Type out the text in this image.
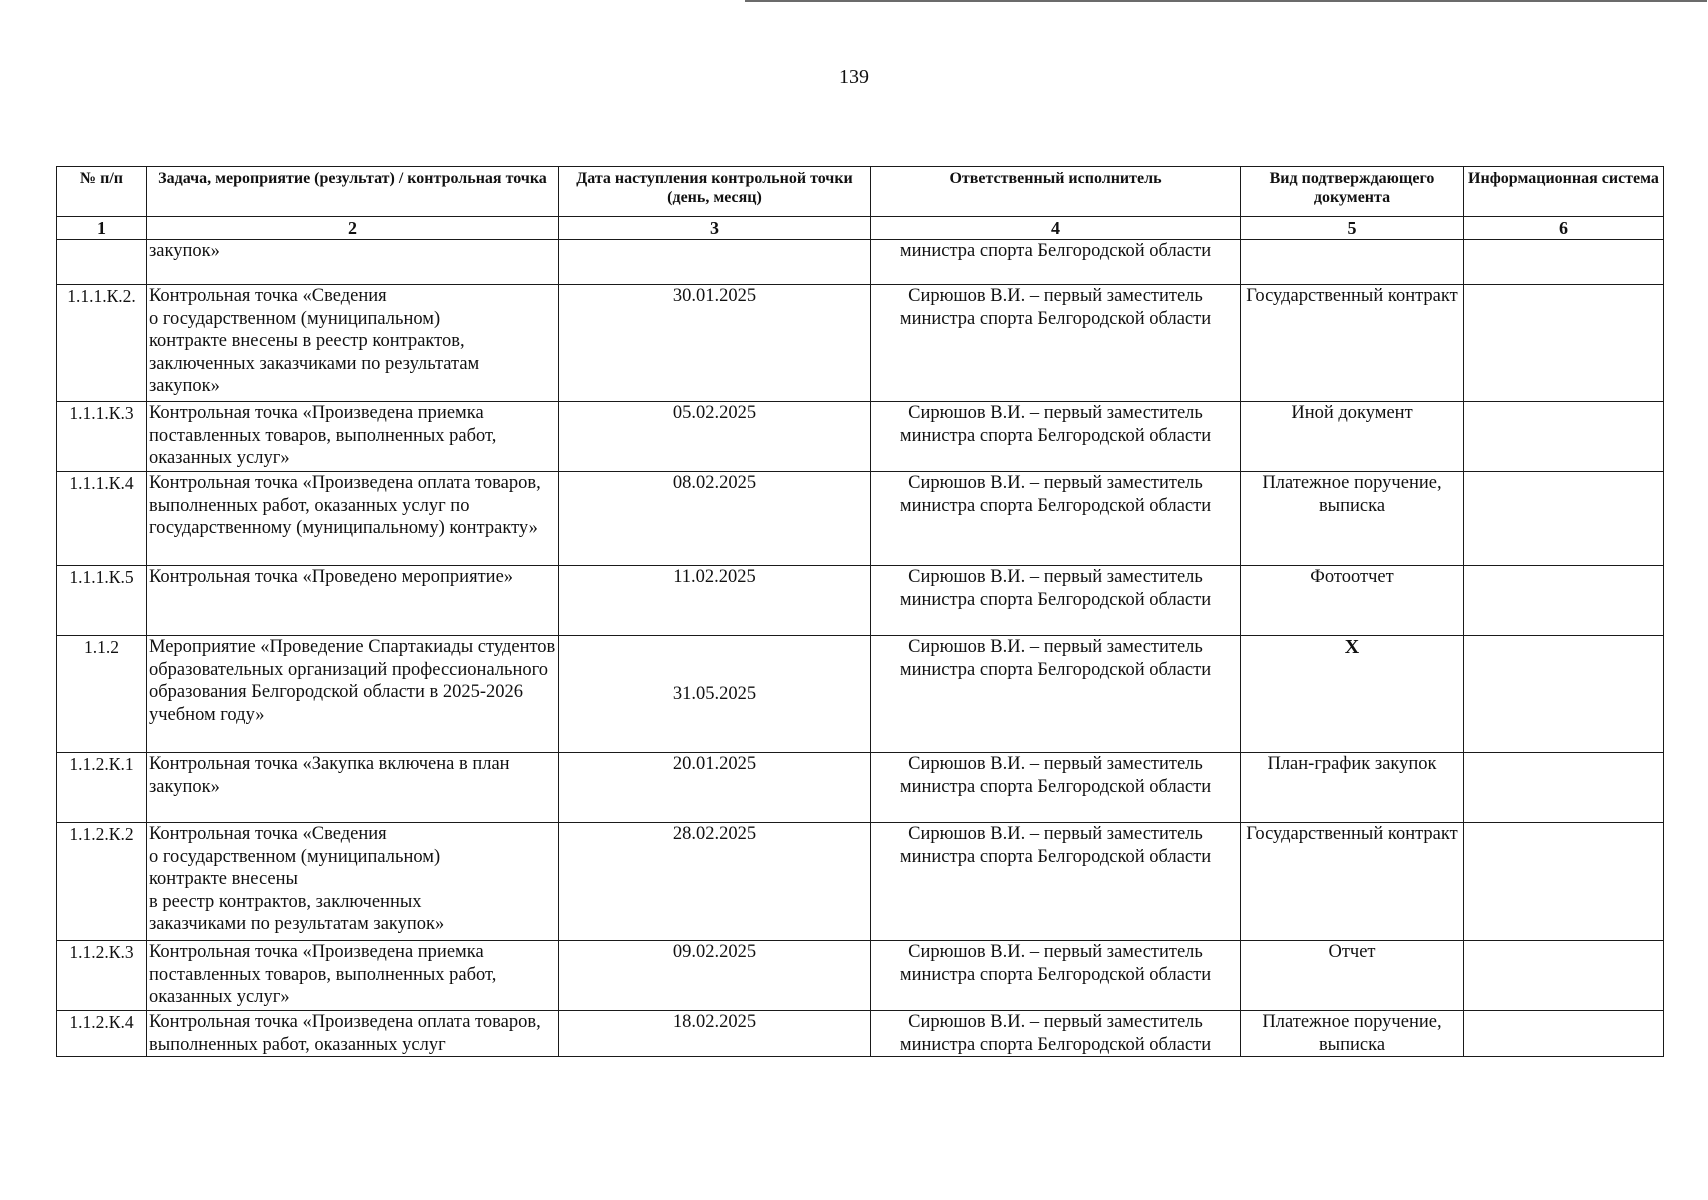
139
№ п/п	Задача, мероприятие (результат) / контрольная точка	Дата наступления контрольной точки (день, месяц)	Ответственный исполнитель	Вид подтверждающего документа	Информационная система
1	2	3	4	5	6
	закупок»		министра спорта Белгородской области		
1.1.1.К.2.	Контрольная точка «Сведения
о государственном (муниципальном)
контракте внесены в реестр контрактов,
заключенных заказчиками по результатам
закупок»	30.01.2025	Сирюшов В.И. – первый заместитель министра спорта Белгородской области	Государственный контракт	
1.1.1.К.3	Контрольная точка «Произведена приемка поставленных товаров, выполненных работ, оказанных услуг»	05.02.2025	Сирюшов В.И. – первый заместитель министра спорта Белгородской области	Иной документ	
1.1.1.К.4	Контрольная точка «Произведена оплата товаров, выполненных работ, оказанных услуг по государственному (муниципальному) контракту»	08.02.2025	Сирюшов В.И. – первый заместитель министра спорта Белгородской области	Платежное поручение, выписка	
1.1.1.К.5	Контрольная точка «Проведено мероприятие»	11.02.2025	Сирюшов В.И. – первый заместитель министра спорта Белгородской области	Фотоотчет	
1.1.2	Мероприятие «Проведение Спартакиады студентов образовательных организаций профессионального образования Белгородской области в 2025-2026 учебном году»	31.05.2025	Сирюшов В.И. – первый заместитель министра спорта Белгородской области	X	
1.1.2.К.1	Контрольная точка «Закупка включена в план закупок»	20.01.2025	Сирюшов В.И. – первый заместитель министра спорта Белгородской области	План-график закупок	
1.1.2.К.2	Контрольная точка «Сведения
о государственном (муниципальном)
контракте внесены
в реестр контрактов, заключенных
заказчиками по результатам закупок»	28.02.2025	Сирюшов В.И. – первый заместитель министра спорта Белгородской области	Государственный контракт	
1.1.2.К.3	Контрольная точка «Произведена приемка поставленных товаров, выполненных работ, оказанных услуг»	09.02.2025	Сирюшов В.И. – первый заместитель министра спорта Белгородской области	Отчет	
1.1.2.К.4	Контрольная точка «Произведена оплата товаров, выполненных работ, оказанных услуг	18.02.2025	Сирюшов В.И. – первый заместитель министра спорта Белгородской области	Платежное поручение, выписка	
